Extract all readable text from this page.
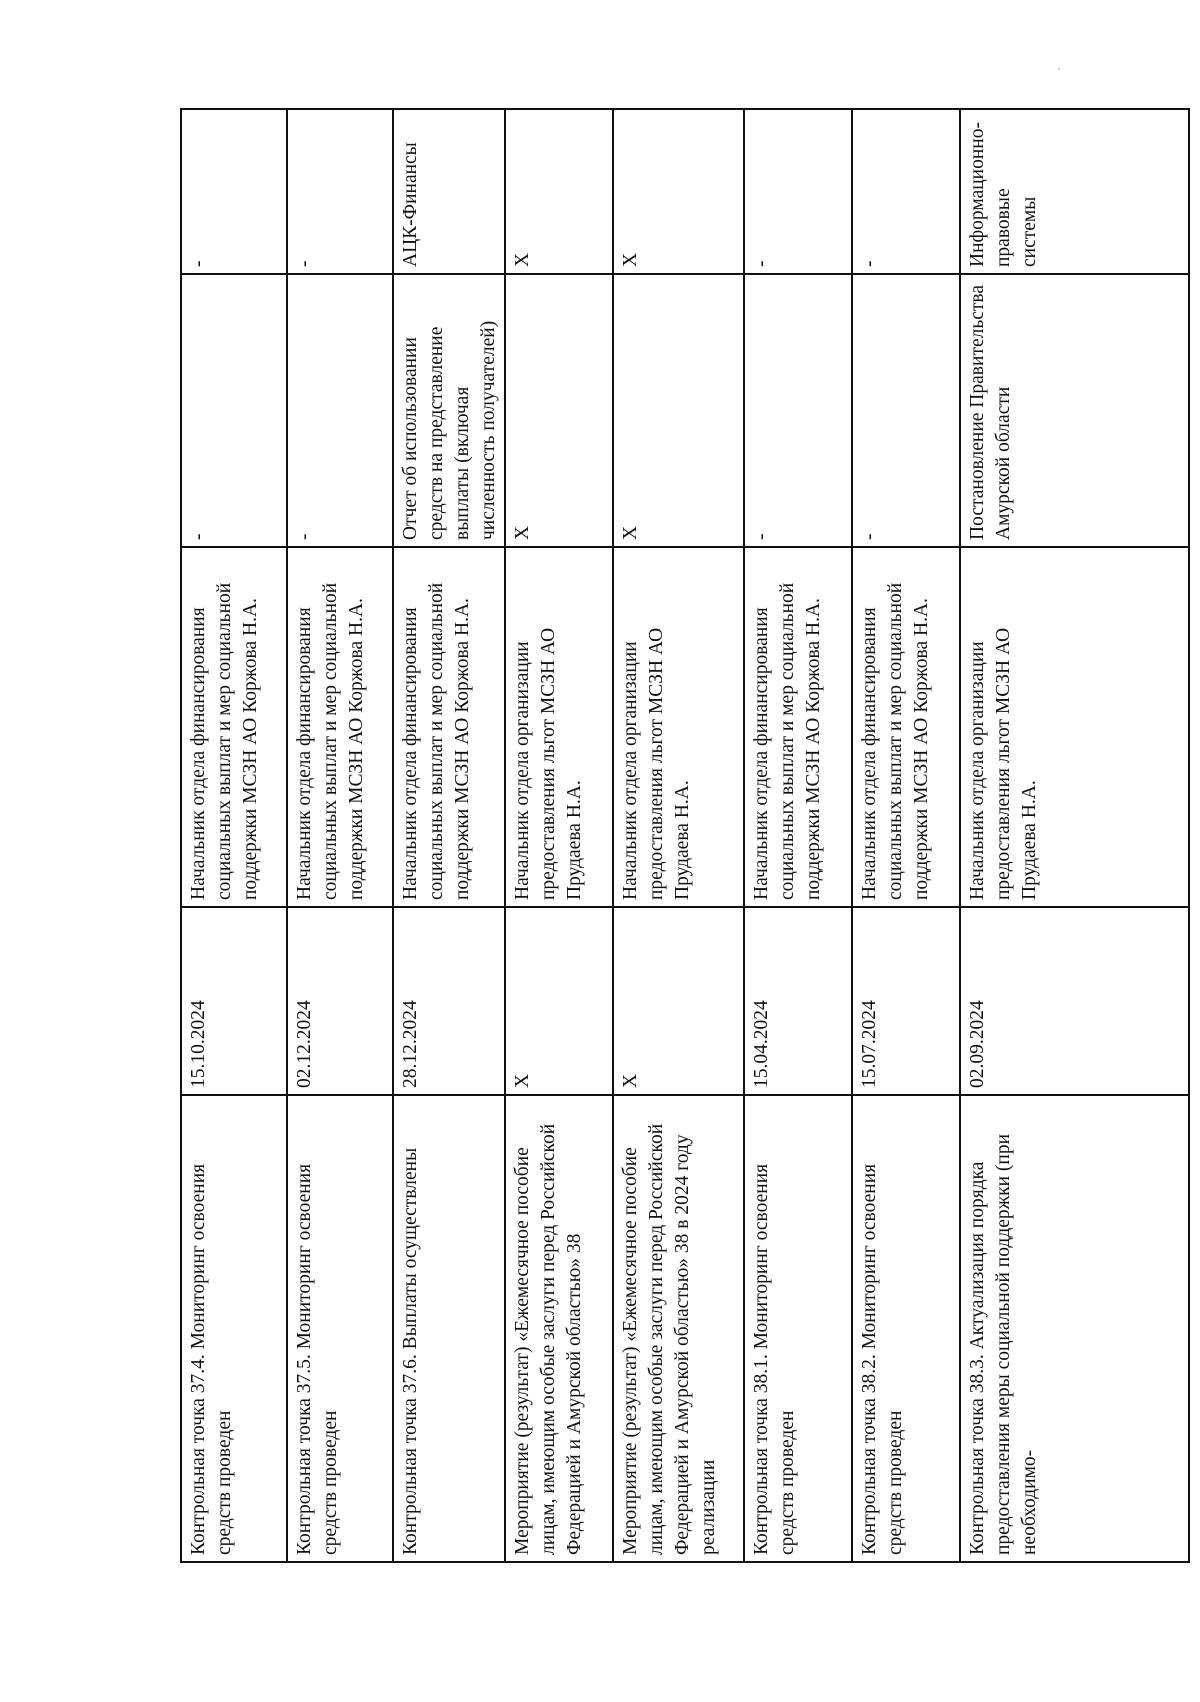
Контрольная точка 37.4. Мониторинг освоения средств проведен	15.10.2024	Начальник отдела финансирования социальных выплат и мер социальной поддержки МСЗН АО Коржова Н.А.	-	-
Контрольная точка 37.5. Мониторинг освоения средств проведен	02.12.2024	Начальник отдела финансирования социальных выплат и мер социальной поддержки МСЗН АО Коржова Н.А.	-	-
Контрольная точка 37.6. Выплаты осуществлены	28.12.2024	Начальник отдела финансирования социальных выплат и мер социальной поддержки МСЗН АО Коржова Н.А.	Отчет об использовании средств на представление выплаты (включая численность получателей)	АЦК-Финансы
Мероприятие (результат) «Ежемесячное пособие лицам, имеющим особые заслуги перед Российской Федерацией и Амурской областью» 38	Х	Начальник отдела организации предоставления льгот МСЗН АО Прудаева Н.А.	Х	Х
Мероприятие (результат) «Ежемесячное пособие лицам, имеющим особые заслуги перед Российской Федерацией и Амурской областью» 38 в 2024 году реализации	Х	Начальник отдела организации предоставления льгот МСЗН АО Прудаева Н.А.	Х	Х
Контрольная точка 38.1. Мониторинг освоения средств проведен	15.04.2024	Начальник отдела финансирования социальных выплат и мер социальной поддержки МСЗН АО Коржова Н.А.	-	-
Контрольная точка 38.2. Мониторинг освоения средств проведен	15.07.2024	Начальник отдела финансирования социальных выплат и мер социальной поддержки МСЗН АО Коржова Н.А.	-	-
Контрольная точка 38.3. Актуализация порядка предоставления меры социальной поддержки (при необходимо-	02.09.2024	Начальник отдела организации предоставления льгот МСЗН АО Прудаева Н.А.	Постановление Правительства Амурской области	Информационно-правовые системы
